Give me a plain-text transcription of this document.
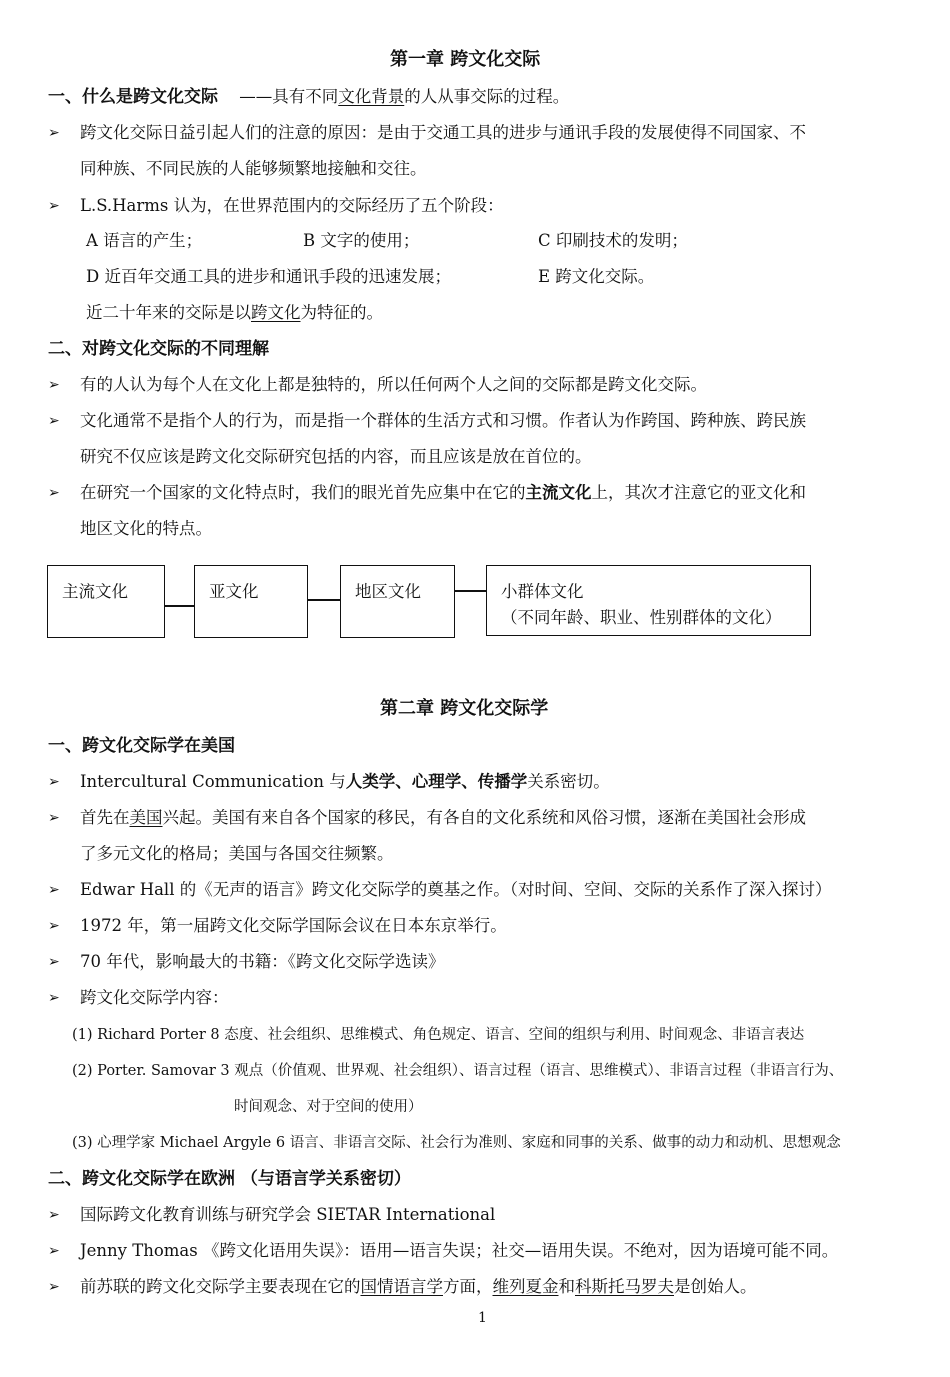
第一章 跨文化交际
一、什么是跨文化交际 ——具有不同文化背景的人从事交际的过程。
➢ 跨文化交际日益引起人们的注意的原因：是由于交通工具的进步与通讯手段的发展使得不同国家、不
同种族、不同民族的人能够频繁地接触和交往。
➢ L.S.Harms 认为，在世界范围内的交际经历了五个阶段：
A 语言的产生；	B 文字的使用；	C 印刷技术的发明；
D 近百年交通工具的进步和通讯手段的迅速发展；	E 跨文化交际。
近二十年来的交际是以跨文化为特征的。
二、对跨文化交际的不同理解
➢ 有的人认为每个人在文化上都是独特的，所以任何两个人之间的交际都是跨文化交际。
➢ 文化通常不是指个人的行为，而是指一个群体的生活方式和习惯。作者认为作跨国、跨种族、跨民族
研究不仅应该是跨文化交际研究包括的内容，而且应该是放在首位的。
➢ 在研究一个国家的文化特点时，我们的眼光首先应集中在它的主流文化上，其次才注意它的亚文化和
地区文化的特点。
主流文化	亚文化	地区文化	小群体文化
（不同年龄、职业、性别群体的文化）
第二章 跨文化交际学
一、跨文化交际学在美国
➢ Intercultural Communication 与人类学、心理学、传播学关系密切。
➢ 首先在美国兴起。美国有来自各个国家的移民，有各自的文化系统和风俗习惯，逐渐在美国社会形成
了多元文化的格局；美国与各国交往频繁。
➢ Edwar Hall 的《无声的语言》跨文化交际学的奠基之作。（对时间、空间、交际的关系作了深入探讨）
➢ 1972 年，第一届跨文化交际学国际会议在日本东京举行。
➢ 70 年代，影响最大的书籍：《跨文化交际学选读》
➢ 跨文化交际学内容：
(1) Richard Porter 8 态度、社会组织、思维模式、角色规定、语言、空间的组织与利用、时间观念、非语言表达
(2) Porter. Samovar 3 观点（价值观、世界观、社会组织）、语言过程（语言、思维模式）、非语言过程（非语言行为、
时间观念、对于空间的使用）
(3) 心理学家 Michael Argyle 6 语言、非语言交际、社会行为准则、家庭和同事的关系、做事的动力和动机、思想观念
二、跨文化交际学在欧洲 （与语言学关系密切）
➢ 国际跨文化教育训练与研究学会 SIETAR International
➢ Jenny Thomas 《跨文化语用失误》：语用—语言失误；社交—语用失误。不绝对，因为语境可能不同。
➢ 前苏联的跨文化交际学主要表现在它的国情语言学方面，维列夏金和科斯托马罗夫是创始人。
1
